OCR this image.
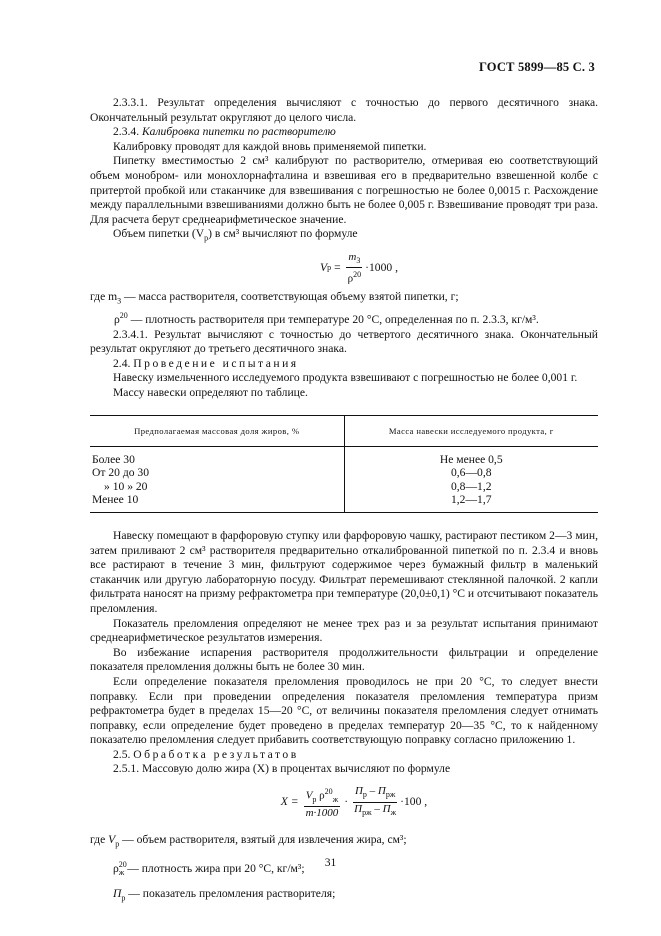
ГОСТ 5899—85 С. 3

2.3.3.1. Результат определения вычисляют с точностью до первого десятичного знака. Окончательный результат округляют до целого числа.

2.3.4. Калибровка пипетки по растворителю

Калибровку проводят для каждой вновь применяемой пипетки.

Пипетку вместимостью 2 см³ калибруют по растворителю, отмеривая ею соответствующий объем монобром- или монохлорнафталина и взвешивая его в предварительно взвешенной колбе с притертой пробкой или стаканчике для взвешивания с погрешностью не более 0,0015 г. Расхождение между параллельными взвешиваниями должно быть не более 0,005 г. Взвешивание проводят три раза. Для расчета берут среднеарифметическое значение.

Объем пипетки $(V_р)$ в см³ вычисляют по формуле

V $р = \frac{m_3}{\rho^{20}} \cdot 1000$ ,

где $m_3$ — масса растворителя, соответствующая объему взятой пипетки, г;

$\rho^{20}$ — плотность растворителя при температуре 20 °С, определенная по п. 2.3.3, кг/м³.

2.3.4.1. Результат вычисляют с точностью до четвертого десятичного знака. Окончательный результат округляют до третьего десятичного знака.

2.4. Проведение испытания

Навеску измельченного исследуемого продукта взвешивают с погрешностью не более 0,001 г.

Массу навески определяют по таблице.

Предполагаемая массовая доля жиров, %	Масса навески исследуемого продукта, г
Более 30	Не менее 0,5
От 20 до 30	0,6—0,8
» 10 » 20	0,8—1,2
Менее 10	1,2—1,7

Навеску помещают в фарфоровую ступку или фарфоровую чашку, растирают пестиком 2—3 мин, затем приливают 2 см³ растворителя предварительно откалиброванной пипеткой по п. 2.3.4 и вновь все растирают в течение 3 мин, фильтруют содержимое через бумажный фильтр в маленький стаканчик или другую лабораторную посуду. Фильтрат перемешивают стеклянной палочкой. 2 капли фильтрата наносят на призму рефрактометра при температуре (20,0±0,1) °С и отсчитывают показатель преломления.

Показатель преломления определяют не менее трех раз и за результат испытания принимают среднеарифметическое результатов измерения.

Во избежание испарения растворителя продолжительности фильтрации и определение показателя преломления должны быть не более 30 мин.

Если определение показателя преломления проводилось не при 20 °С, то следует внести поправку. Если при проведении определения показателя преломления температура призм рефрактометра будет в пределах 15—20 °С, от величины показателя преломления следует отнимать поправку, если определение будет проведено в пределах температур 20—35 °С, то к найденному показателю преломления следует прибавить соответствующую поправку согласно приложению 1.

2.5. Обработка результатов

2.5.1. Массовую долю жира (X) в процентах вычисляют по формуле

$X = \frac{V_р \rho^{20}_ж}{m\cdot 1000} \cdot \frac{П_р - П_{рж}}{П_{рж} - П_ж} \cdot 100$ ,

где $V_р$ — объем растворителя, взятый для извлечения жира, см³;

$\rho^{20}_ж$ — плотность жира при 20 °С, кг/м³;

$П_р$ — показатель преломления растворителя;

31
